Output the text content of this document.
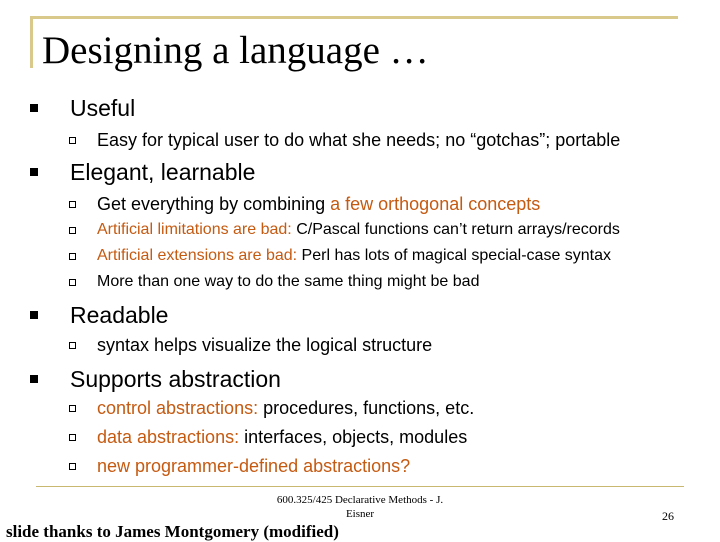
Designing a language …
Useful
Easy for typical user to do what she needs; no “gotchas”; portable
Elegant, learnable
Get everything by combining a few orthogonal concepts
Artificial limitations are bad: C/Pascal functions can’t return arrays/records
Artificial extensions are bad: Perl has lots of magical special-case syntax
More than one way to do the same thing might be bad
Readable
syntax helps visualize the logical structure
Supports abstraction
control abstractions: procedures, functions, etc.
data abstractions: interfaces, objects, modules
new programmer-defined abstractions?
600.325/425 Declarative Methods - J.
Eisner	26
slide thanks to James Montgomery (modified)
